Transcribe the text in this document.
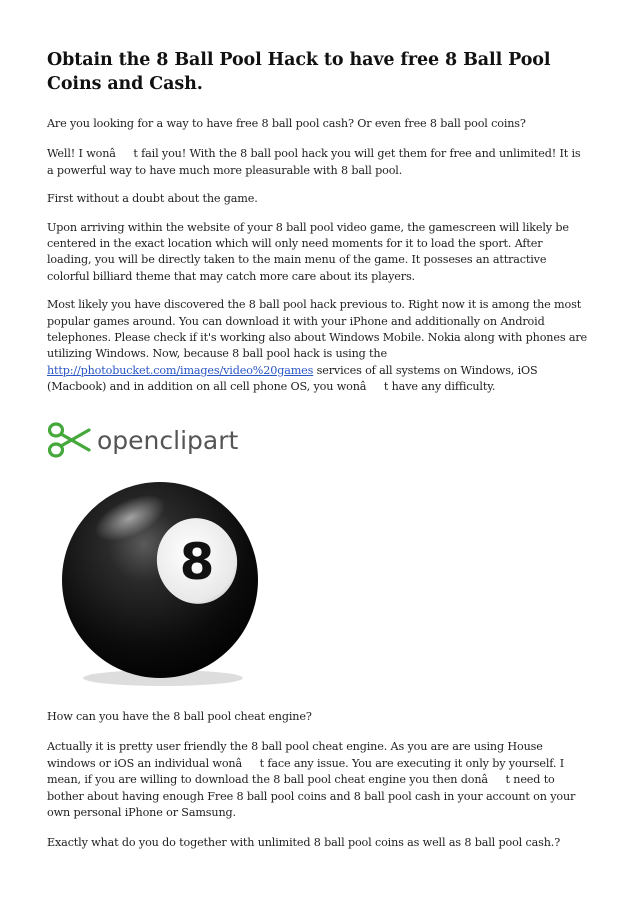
Obtain the 8 Ball Pool Hack to have free 8 Ball Pool Coins and Cash.

Are you looking for a way to have free 8 ball pool cash? Or even free 8 ball pool coins?

Well! I wonât fail you! With the 8 ball pool hack you will get them for free and unlimited! It is a powerful way to have much more pleasurable with 8 ball pool.

First without a doubt about the game.

Upon arriving within the website of your 8 ball pool video game, the gamescreen will likely be centered in the exact location which will only need moments for it to load the sport. After loading, you will be directly taken to the main menu of the game. It posseses an attractive colorful billiard theme that may catch more care about its players.

Most likely you have discovered the 8 ball pool hack previous to. Right now it is among the most popular games around. You can download it with your iPhone and additionally on Android telephones. Please check if it's working also about Windows Mobile. Nokia along with phones are utilizing Windows. Now, because 8 ball pool hack is using the http://photobucket.com/images/video%20games services of all systems on Windows, iOS (Macbook) and in addition on all cell phone OS, you wonât have any difficulty.

openclipart
8

How can you have the 8 ball pool cheat engine?

Actually it is pretty user friendly the 8 ball pool cheat engine. As you are are using House windows or iOS an individual wonât face any issue. You are executing it only by yourself. I mean, if you are willing to download the 8 ball pool cheat engine you then donât need to bother about having enough Free 8 ball pool coins and 8 ball pool cash in your account on your own personal iPhone or Samsung.

Exactly what do you do together with unlimited 8 ball pool coins as well as 8 ball pool cash.?
